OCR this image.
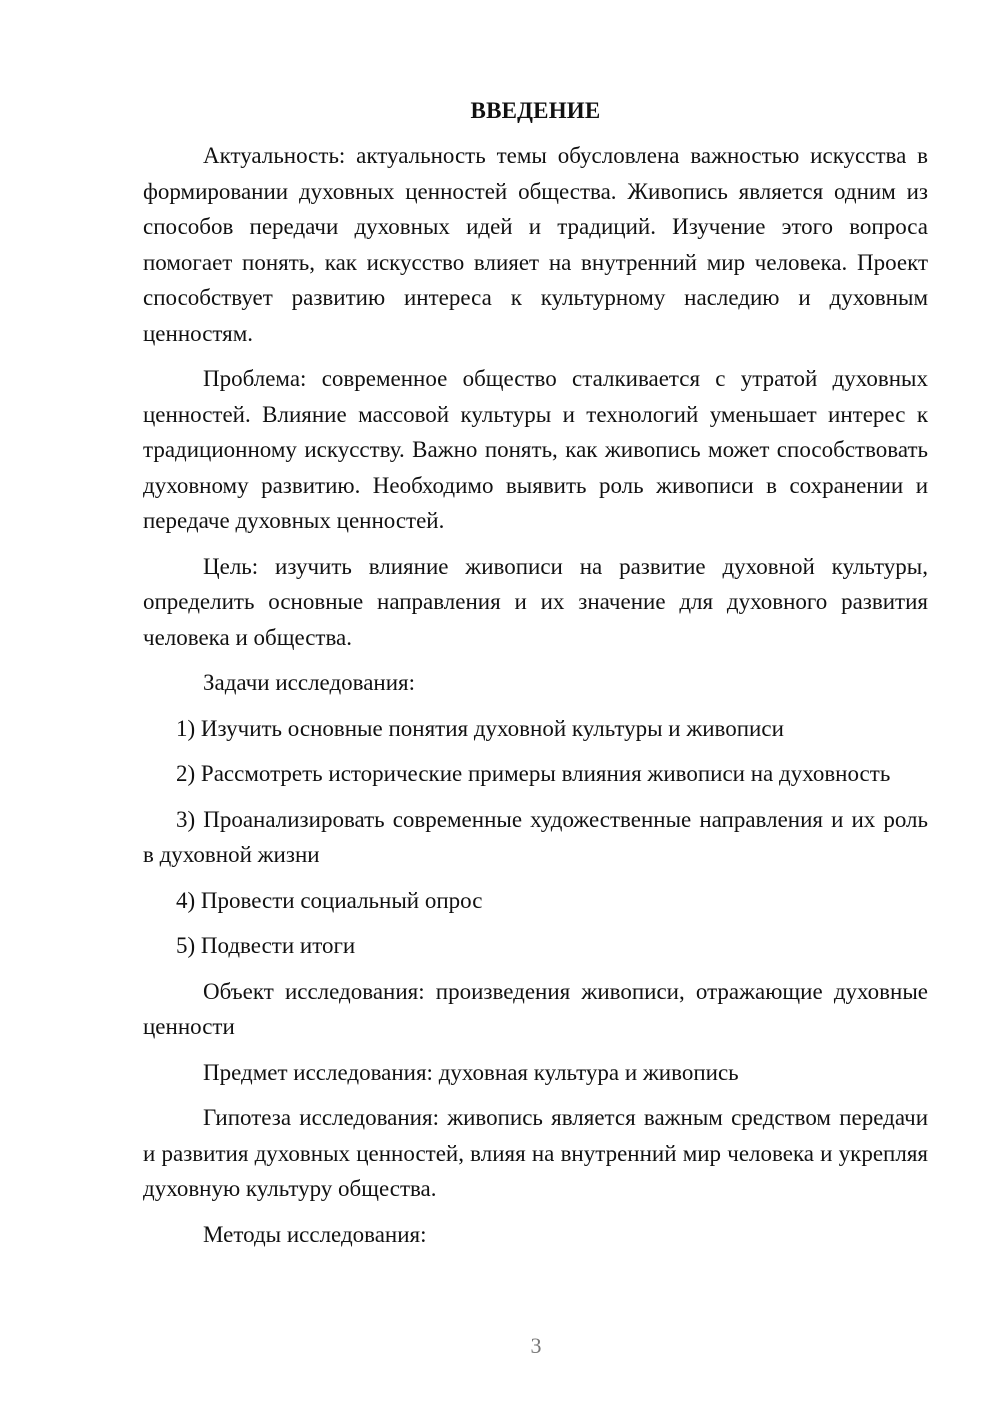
ВВЕДЕНИЕ

Актуальность: актуальность темы обусловлена важностью искусства в формировании духовных ценностей общества. Живопись является одним из способов передачи духовных идей и традиций. Изучение этого вопроса помогает понять, как искусство влияет на внутренний мир человека. Проект способствует развитию интереса к культурному наследию и духовным ценностям.

Проблема: современное общество сталкивается с утратой духовных ценностей. Влияние массовой культуры и технологий уменьшает интерес к традиционному искусству. Важно понять, как живопись может способствовать духовному развитию. Необходимо выявить роль живописи в сохранении и передаче духовных ценностей.

Цель: изучить влияние живописи на развитие духовной культуры, определить основные направления и их значение для духовного развития человека и общества.

Задачи исследования:

1) Изучить основные понятия духовной культуры и живописи

2) Рассмотреть исторические примеры влияния живописи на духовность

3) Проанализировать современные художественные направления и их роль в духовной жизни

4) Провести социальный опрос

5) Подвести итоги

Объект исследования: произведения живописи, отражающие духовные ценности

Предмет исследования: духовная культура и живопись

Гипотеза исследования: живопись является важным средством передачи и развития духовных ценностей, влияя на внутренний мир человека и укрепляя духовную культуру общества.

Методы исследования:

3
